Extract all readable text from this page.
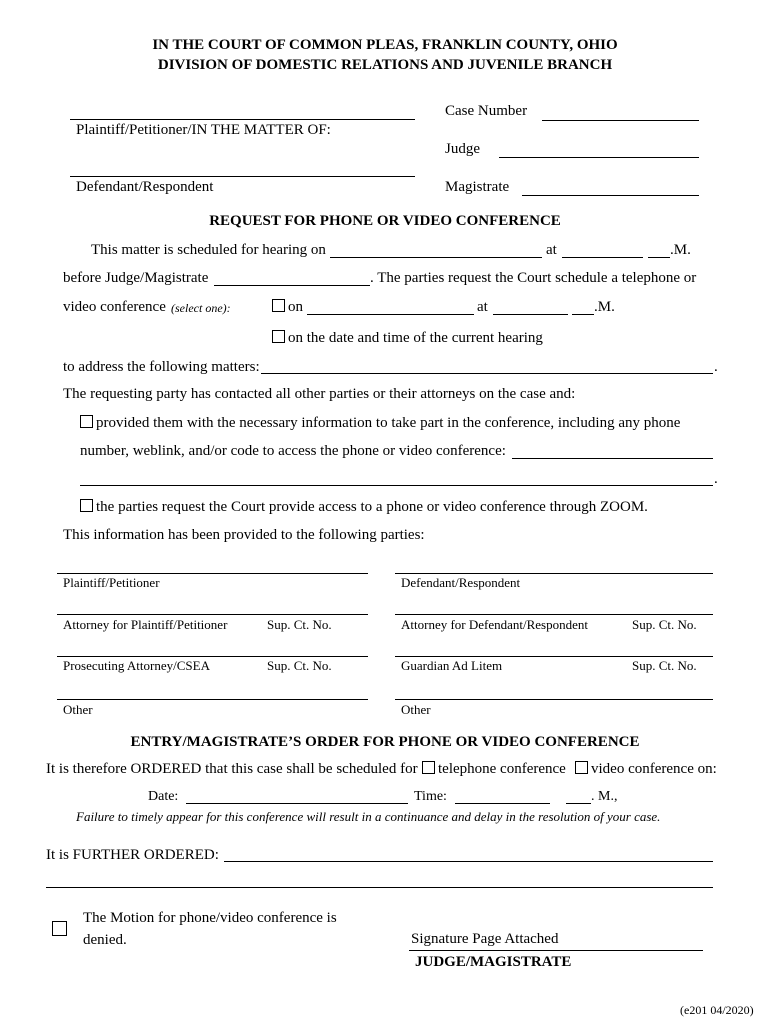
IN THE COURT OF COMMON PLEAS, FRANKLIN COUNTY, OHIO
DIVISION OF DOMESTIC RELATIONS AND JUVENILE BRANCH
Plaintiff/Petitioner/IN THE MATTER OF:
Defendant/Respondent
Case Number
Judge
Magistrate
REQUEST FOR PHONE OR VIDEO CONFERENCE
This matter is scheduled for hearing on	at	.M.
before Judge/Magistrate	. The parties request the Court schedule a telephone or
video conference (select one):	on	at	.M.
on the date and time of the current hearing
to address the following matters:	.
The requesting party has contacted all other parties or their attorneys on the case and:
provided them with the necessary information to take part in the conference, including any phone
number, weblink, and/or code to access the phone or video conference:
.
the parties request the Court provide access to a phone or video conference through ZOOM.
This information has been provided to the following parties:
Plaintiff/Petitioner	Defendant/Respondent
Attorney for Plaintiff/Petitioner	Sup. Ct. No.	Attorney for Defendant/Respondent	Sup. Ct. No.
Prosecuting Attorney/CSEA	Sup. Ct. No.	Guardian Ad Litem	Sup. Ct. No.
Other	Other
ENTRY/MAGISTRATE’S ORDER FOR PHONE OR VIDEO CONFERENCE
It is therefore ORDERED that this case shall be scheduled for telephone conference video conference on:
Date:	Time:	. M.,
Failure to timely appear for this conference will result in a continuance and delay in the resolution of your case.
It is FURTHER ORDERED:
The Motion for phone/video conference is
denied.	Signature Page Attached
JUDGE/MAGISTRATE
(e201 04/2020)
